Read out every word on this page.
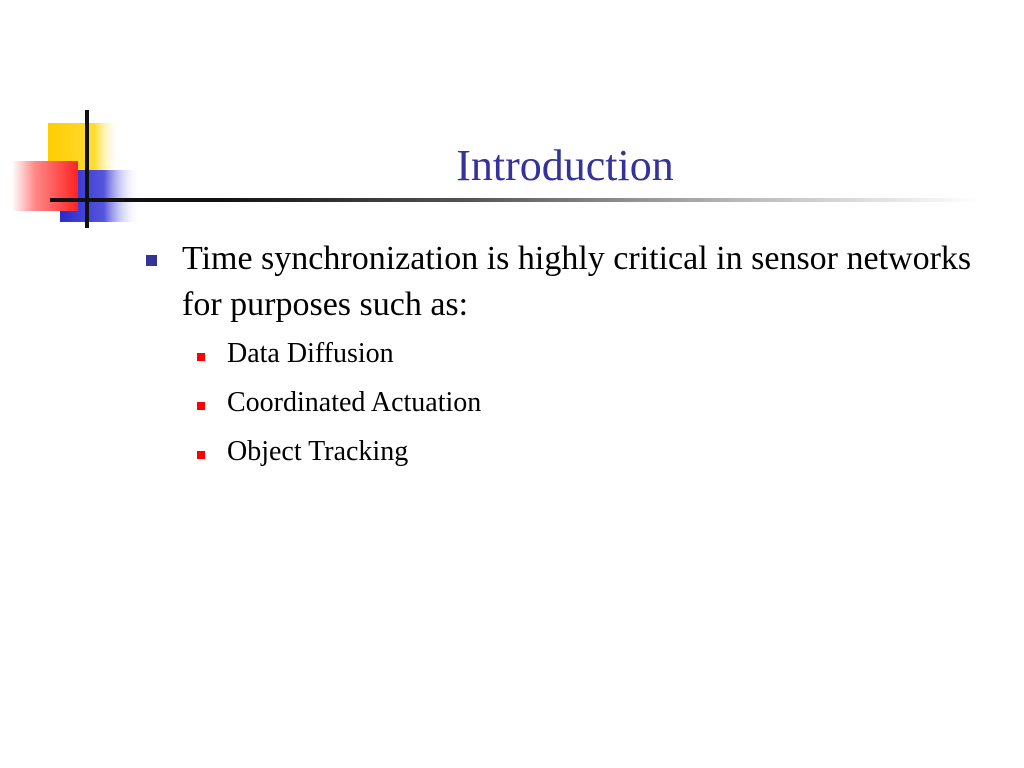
Introduction
Time synchronization is highly critical in sensor networks for purposes such as:
Data Diffusion
Coordinated Actuation
Object Tracking
